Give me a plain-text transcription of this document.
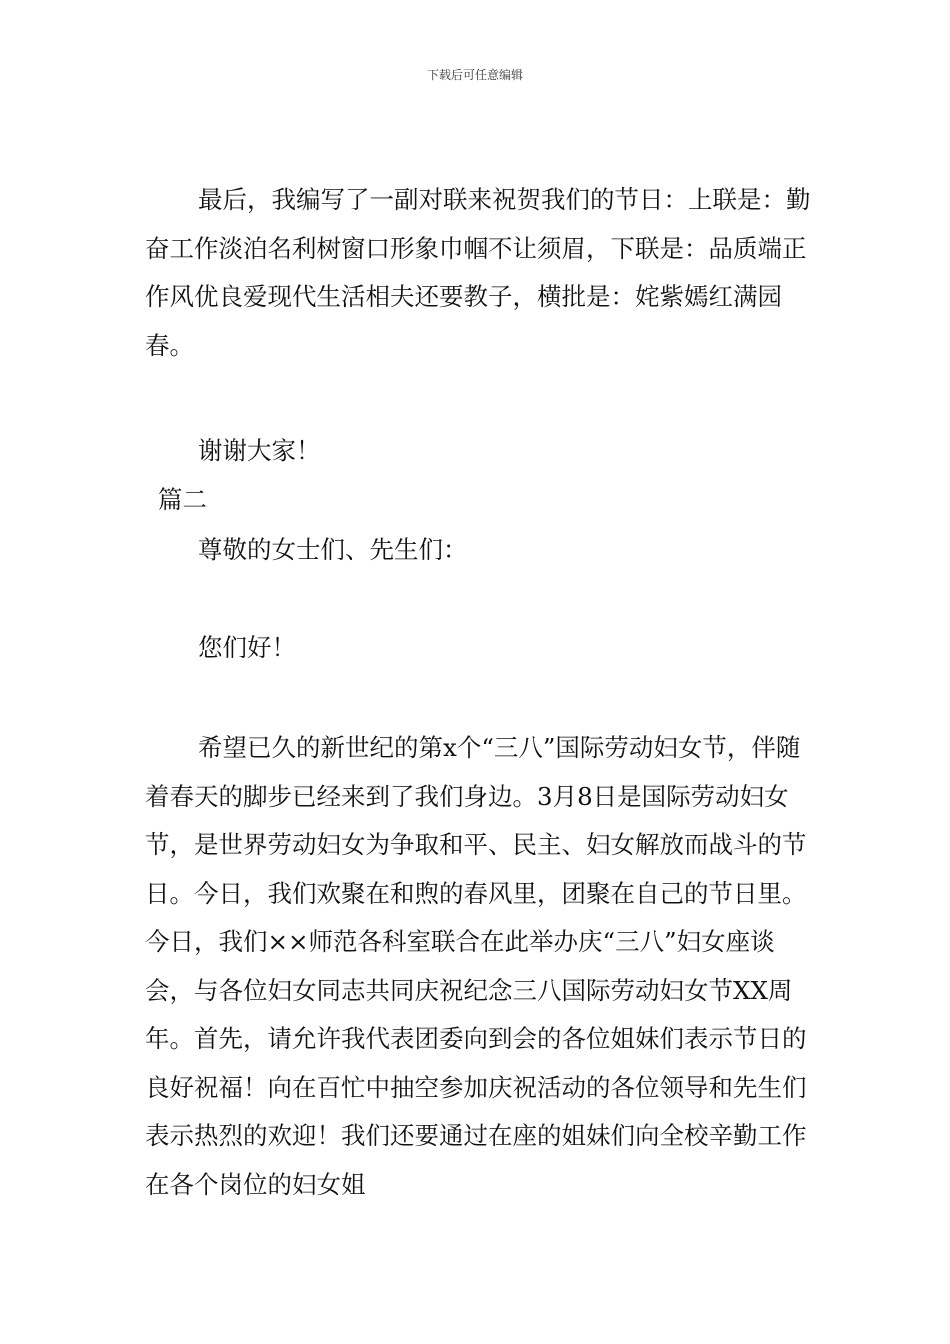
下载后可任意编辑

最后，我编写了一副对联来祝贺我们的节日：上联是：勤奋工作淡泊名利树窗口形象巾帼不让须眉，下联是：品质端正作风优良爱现代生活相夫还要教子，横批是：姹紫嫣红满园春。

谢谢大家！

篇二

尊敬的女士们、先生们：

您们好！

希望已久的新世纪的第x个“三八”国际劳动妇女节，伴随着春天的脚步已经来到了我们身边。3月8日是国际劳动妇女节，是世界劳动妇女为争取和平、民主、妇女解放而战斗的节日。今日，我们欢聚在和煦的春风里，团聚在自己的节日里。今日，我们××师范各科室联合在此举办庆“三八”妇女座谈会，与各位妇女同志共同庆祝纪念三八国际劳动妇女节XX周年。首先，请允许我代表团委向到会的各位姐妹们表示节日的良好祝福！向在百忙中抽空参加庆祝活动的各位领导和先生们表示热烈的欢迎！我们还要通过在座的姐妹们向全校辛勤工作在各个岗位的妇女姐
